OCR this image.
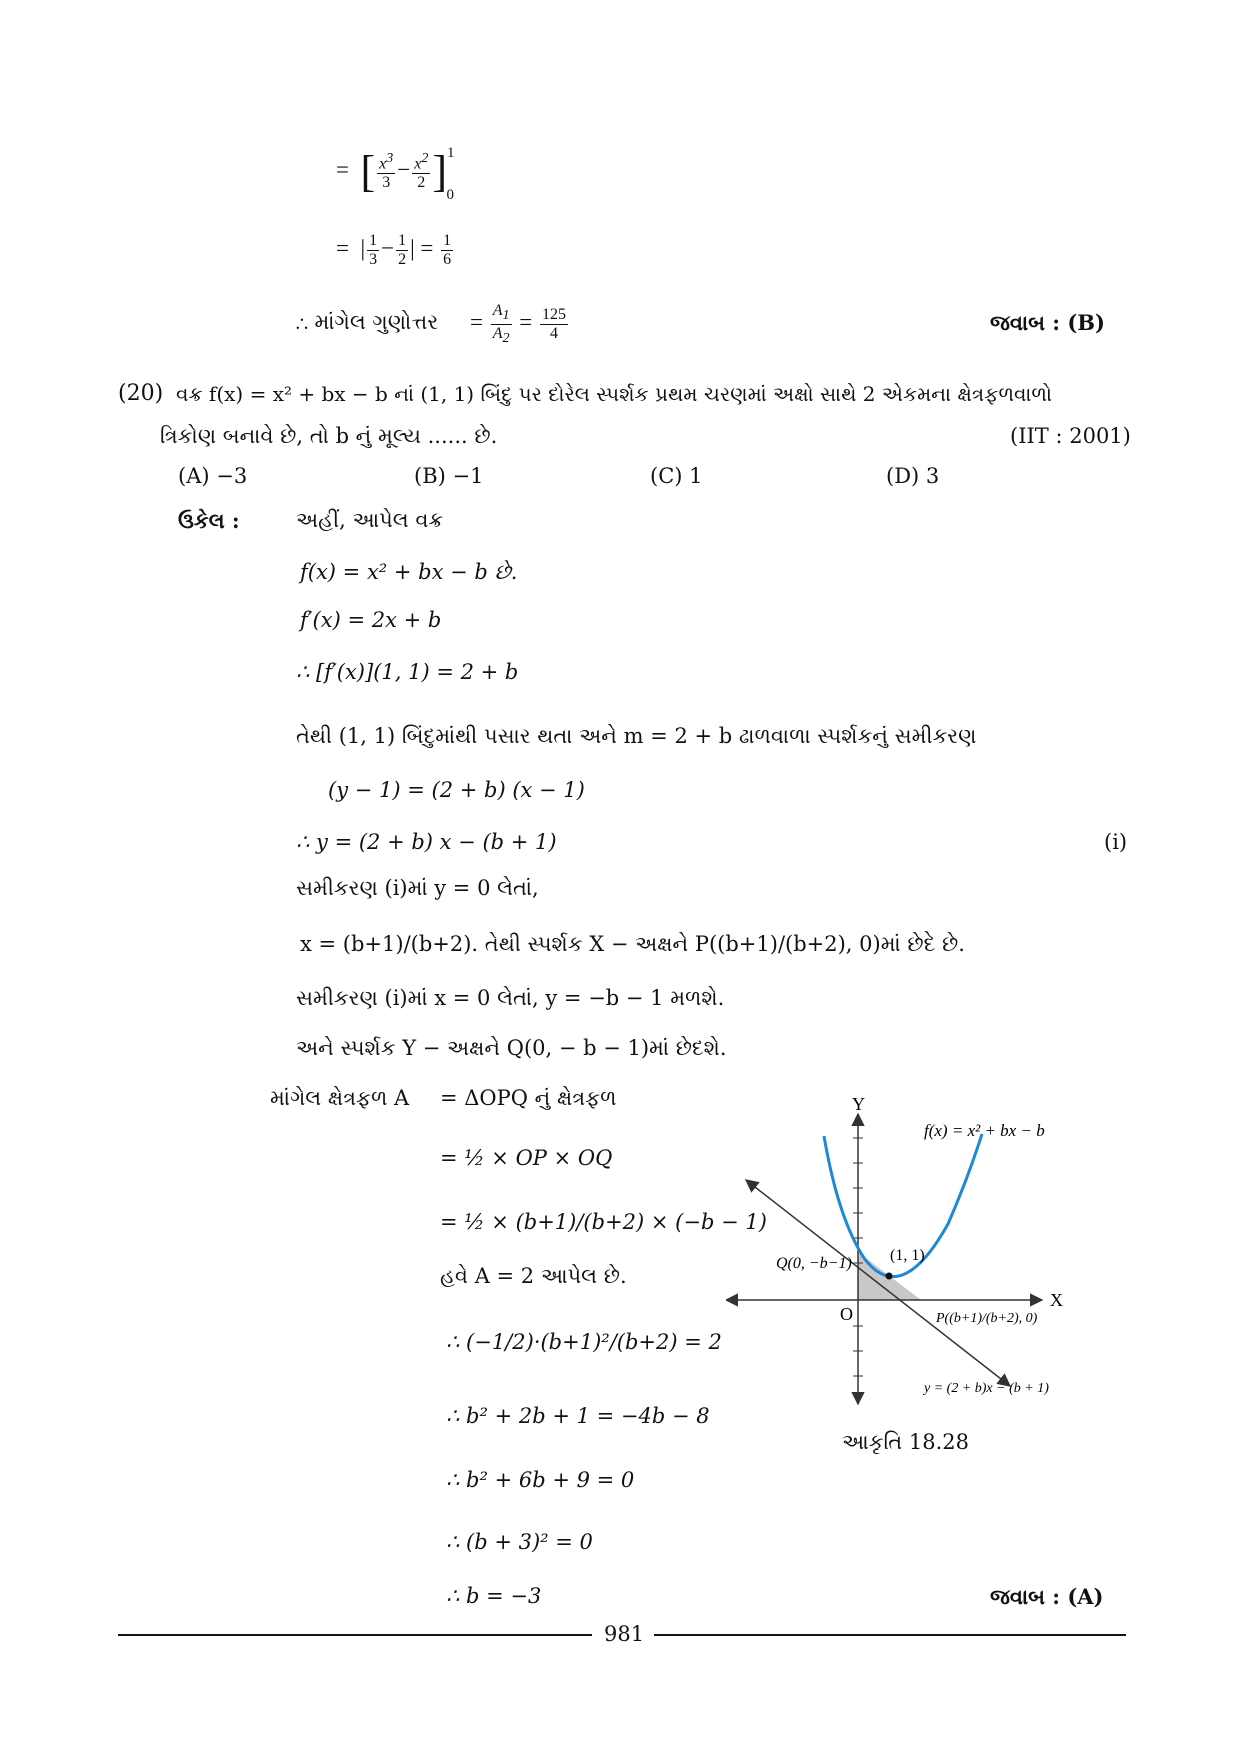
=  [ $\frac{x^3}{3} - \frac{x^2}{2} ]^1_0$
=  | $\frac{1}{3} - \frac{1}{2}$ | = $\frac{1}{6}$
∴ માંગેલ ગુણોત્તર = $\frac{A_1}{A_2} = \frac{125}{4}$	જવાબ : (B)
(20) વક્ર f(x) = x² + bx − b નાં (1, 1) બિંદુ પર દોરેલ સ્પર્શક પ્રથમ ચરણમાં અક્ષો સાથે 2 એકમના ક્ષેત્રફળવાળો
ત્રિકોણ બનાવે છે, તો b નું મૂલ્ય ...... છે.	(IIT : 2001)
(A) −3	(B) −1	(C) 1	(D) 3
ઉકેલ :	અહીં, આપેલ વક્ર
f(x) = x² + bx − b છે.
f′(x) = 2x + b
∴ [f′(x)](1, 1) = 2 + b
તેથી (1, 1) બિંદુમાંથી પસાર થતા અને m = 2 + b ઢાળવાળા સ્પર્શકનું સમીકરણ
(y − 1) = (2 + b) (x − 1)
∴ y = (2 + b) x − (b + 1)	(i)
સમીકરણ (i)માં y = 0 લેતાં,
x = (b+1)/(b+2). તેથી સ્પર્શક X − અક્ષને P((b+1)/(b+2), 0)માં છેદે છે.
સમીકરણ (i)માં x = 0 લેતાં, y = −b − 1 મળશે.
અને સ્પર્શક Y − અક્ષને Q(0, − b − 1)માં છેદશે.
માંગેલ ક્ષેત્રફળ A = ΔOPQ નું ક્ષેત્રફળ
= ½ × OP × OQ
= ½ × (b+1)/(b+2) × (−b − 1)
હવે A = 2 આપેલ છે.
∴ (−1/2)·(b+1)²/(b+2) = 2
∴ b² + 2b + 1 = −4b − 8
∴ b² + 6b + 9 = 0
∴ (b + 3)² = 0
∴ b = −3	જવાબ : (A)
Y
X
O
f(x) = x² + bx − b
(1, 1)
Q(0, −b−1)
P((b+1)/(b+2), 0)
y = (2 + b)x − (b + 1)
આકૃતિ 18.28
981
